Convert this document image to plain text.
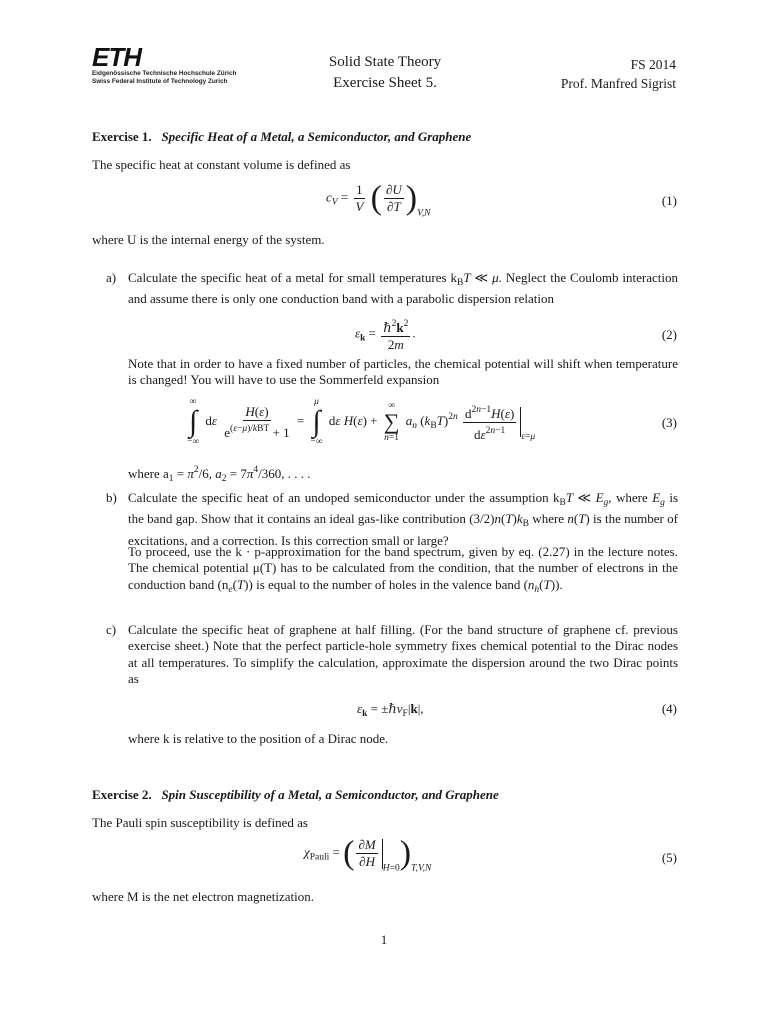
ETH
Eidgenössische Technische Hochschule Zürich
Swiss Federal Institute of Technology Zurich
Solid State Theory
Exercise Sheet 5.
FS 2014
Prof. Manfred Sigrist
Exercise 1. Specific Heat of a Metal, a Semiconductor, and Graphene
The specific heat at constant volume is defined as
$c_V = \frac{1}{V}$ ( $\frac{\partial U}{\partial T} )_{V,N}$
(1)
where U is the internal energy of the system.
a) Calculate the specific heat of a metal for small temperatures $k_BT$ ≪ μ. Neglect the Coulomb interaction and assume there is only one conduction band with a parabolic dispersion relation
$\varepsilon_k = \frac{\hbar^2k^2}{2m}$ .	(2)
Note that in order to have a fixed number of particles, the chemical potential will shift when temperature is changed! You will have to use the Sommerfeld expansion
∞
∫
−∞
dε $\frac{H(\varepsilon)}{e^{(\varepsilon-\mu)/kBT} + 1}$ =
μ
∫
−∞
dε H(ε) +
∞
∑
n=1
$a_n$ $(k_BT)^{2n} \frac{d^{2n-1}H(\varepsilon)}{d\varepsilon^{2n-1}} _{\varepsilon=\mu}$
(3)
where $a_1 = \pi^2/6$, $a_2 = 7\pi^4/360$, . . . .
b) Calculate the specific heat of an undoped semiconductor under the assumption $k_BT$ ≪ $E_g$, where $E_g$ is the band gap. Show that it contains an ideal gas-like contribution $(3/2)n(T)k_B$ where n(T) is the number of excitations, and a correction. Is this correction small or large?
To proceed, use the k · p-approximation for the band spectrum, given by eq. (2.27) in the lecture notes. The chemical potential μ(T) has to be calculated from the condition, that the number of electrons in the conduction band $(n_e(T))$ is equal to the number of holes in the valence band $(n_h(T))$.
c) Calculate the specific heat of graphene at half filling. (For the band structure of graphene cf. previous exercise sheet.) Note that the perfect particle-hole symmetry fixes chemical potential to the Dirac nodes at all temperatures. To simplify the calculation, approximate the dispersion around the two Dirac points as
$\varepsilon_k$ = ±ℏv$_F$|k|,	(4)
where k is relative to the position of a Dirac node.
Exercise 2. Spin Susceptibility of a Metal, a Semiconductor, and Graphene
The Pauli spin susceptibility is defined as
$\chi_{Pauli}$ = ( $\frac{\partial M}{\partial H} _{H=0})_{T,V,N}$
(5)
where M is the net electron magnetization.
1
